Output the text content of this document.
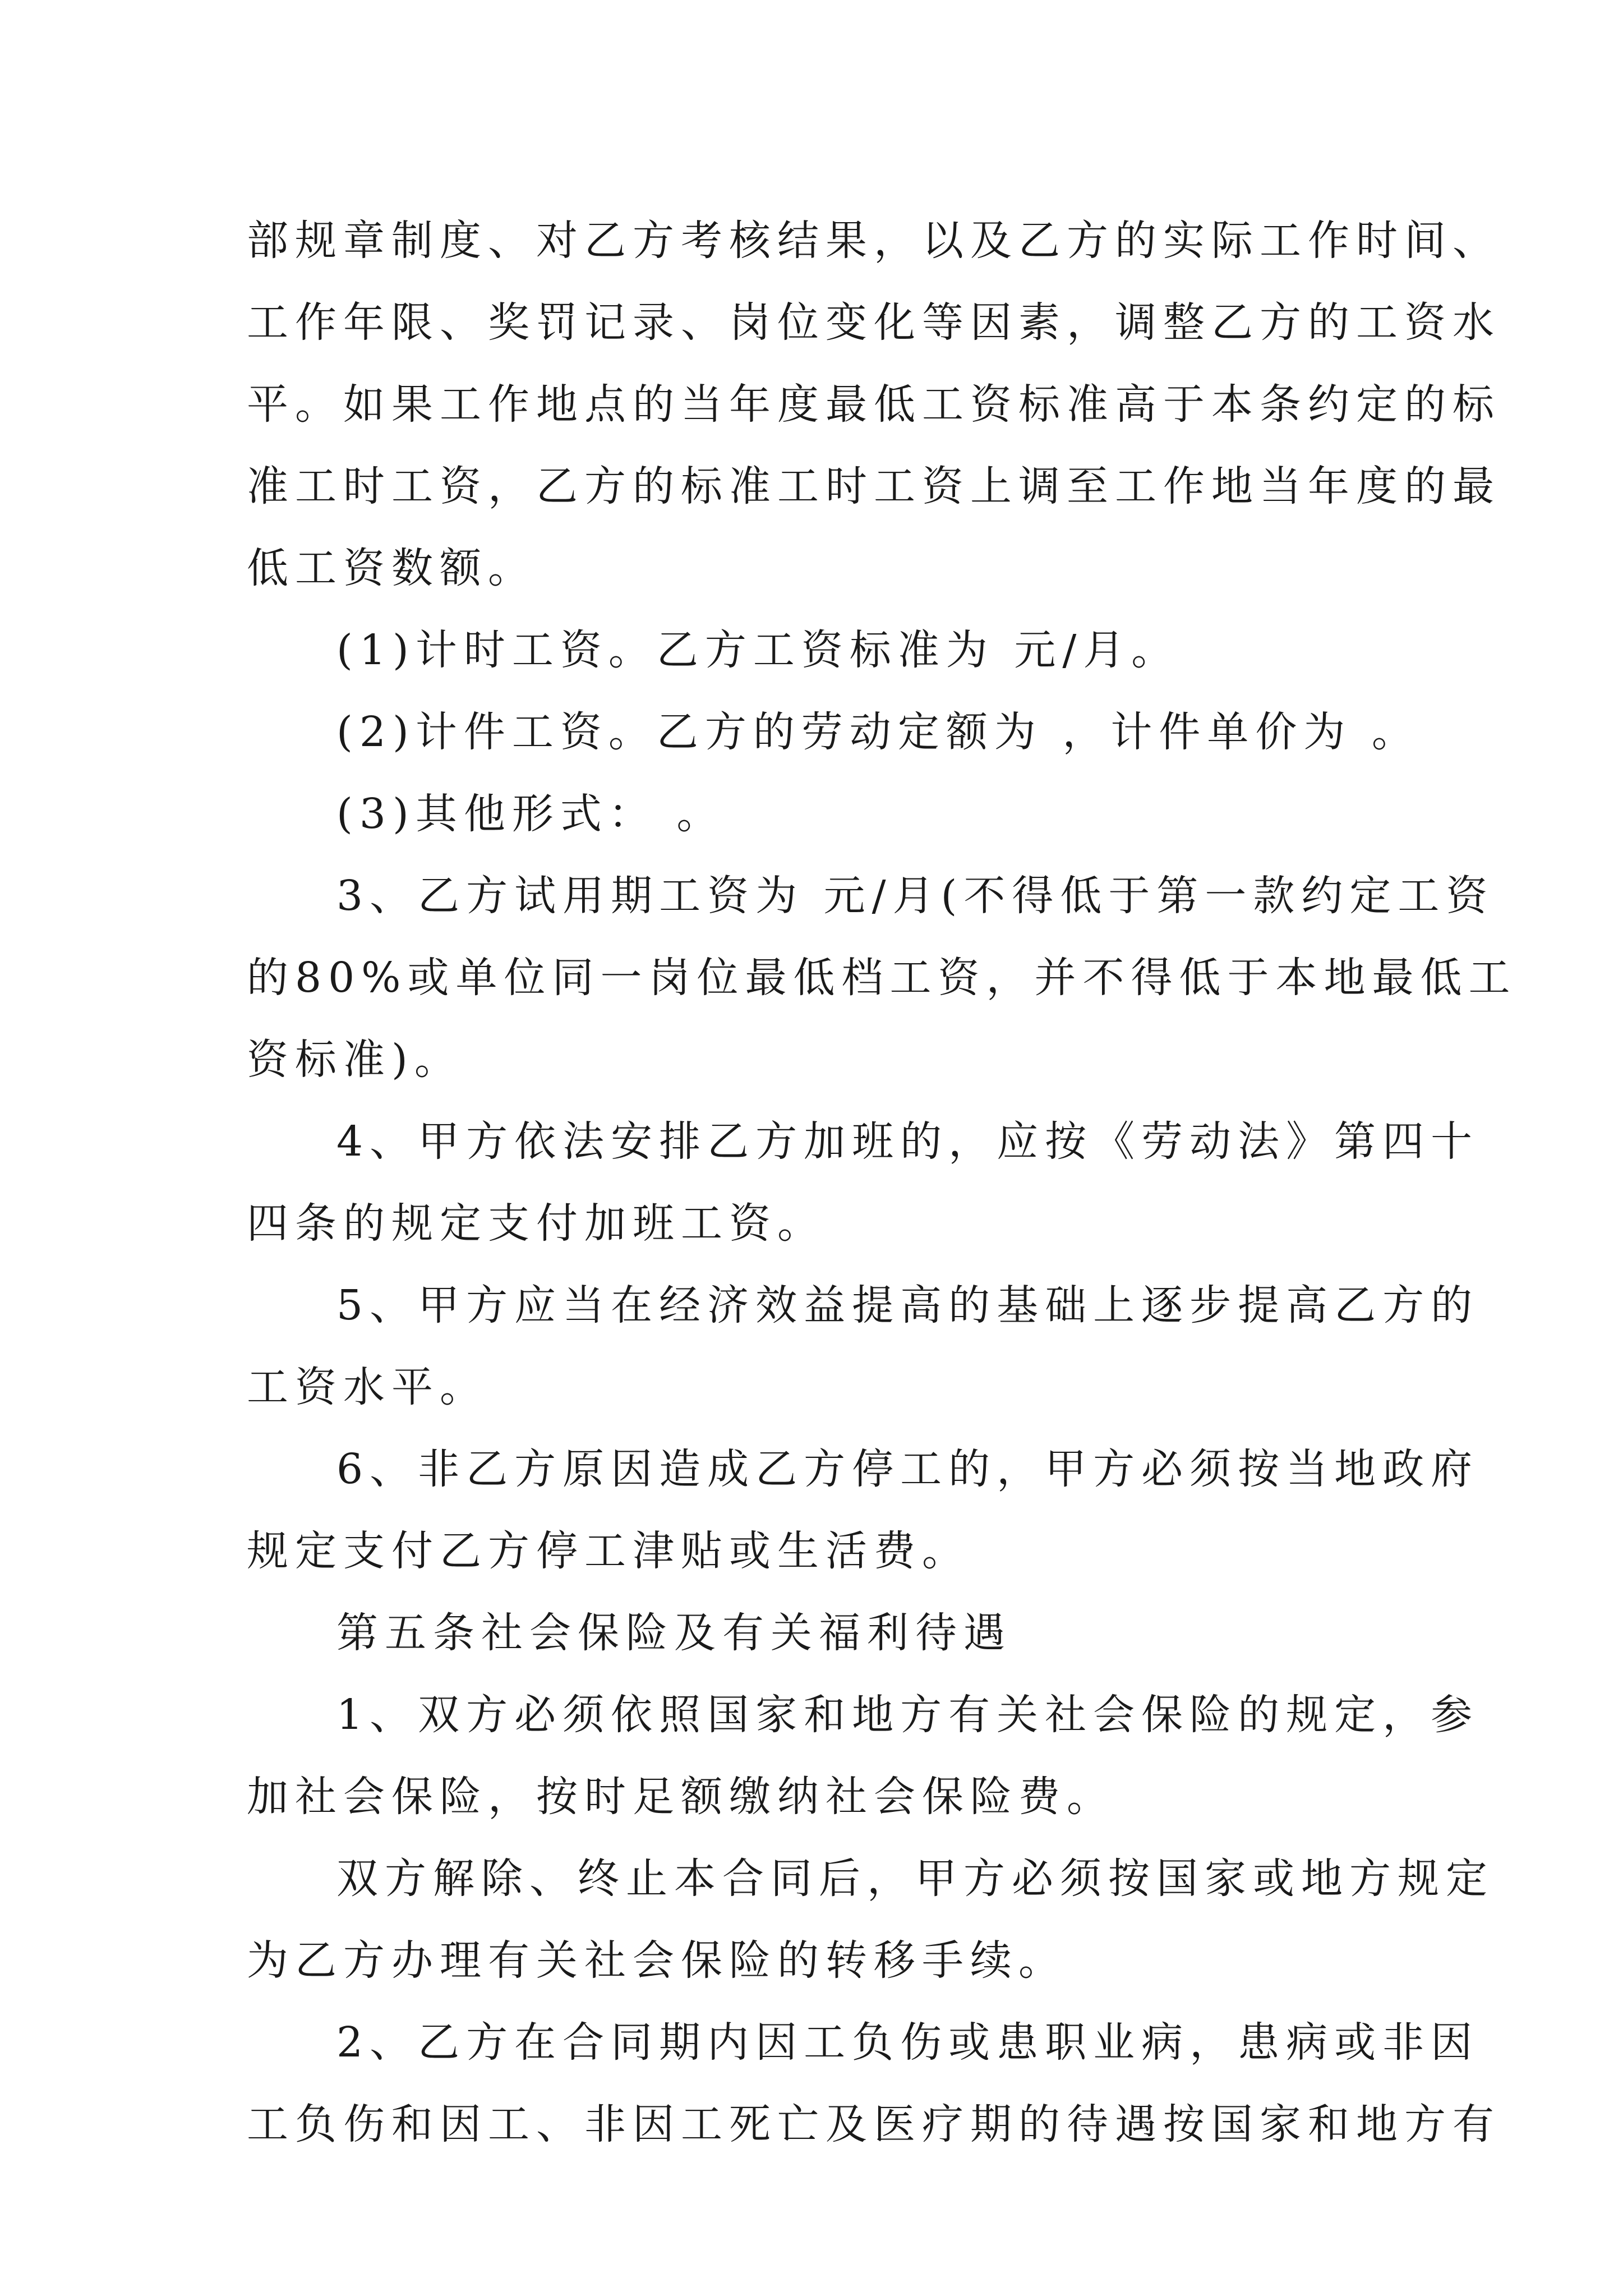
部规章制度、对乙方考核结果，以及乙方的实际工作时间、

工作年限、奖罚记录、岗位变化等因素，调整乙方的工资水

平。如果工作地点的当年度最低工资标准高于本条约定的标

准工时工资，乙方的标准工时工资上调至工作地当年度的最

低工资数额。

(1)计时工资。乙方工资标准为 元/月。

(2)计件工资。乙方的劳动定额为 ，计件单价为 。

(3)其他形式： 。

3、乙方试用期工资为 元/月(不得低于第一款约定工资

的80%或单位同一岗位最低档工资，并不得低于本地最低工

资标准)。

4、甲方依法安排乙方加班的，应按《劳动法》第四十

四条的规定支付加班工资。

5、甲方应当在经济效益提高的基础上逐步提高乙方的

工资水平。

6、非乙方原因造成乙方停工的，甲方必须按当地政府

规定支付乙方停工津贴或生活费。

第五条社会保险及有关福利待遇

1、双方必须依照国家和地方有关社会保险的规定，参

加社会保险，按时足额缴纳社会保险费。

双方解除、终止本合同后，甲方必须按国家或地方规定

为乙方办理有关社会保险的转移手续。

2、乙方在合同期内因工负伤或患职业病，患病或非因

工负伤和因工、非因工死亡及医疗期的待遇按国家和地方有
